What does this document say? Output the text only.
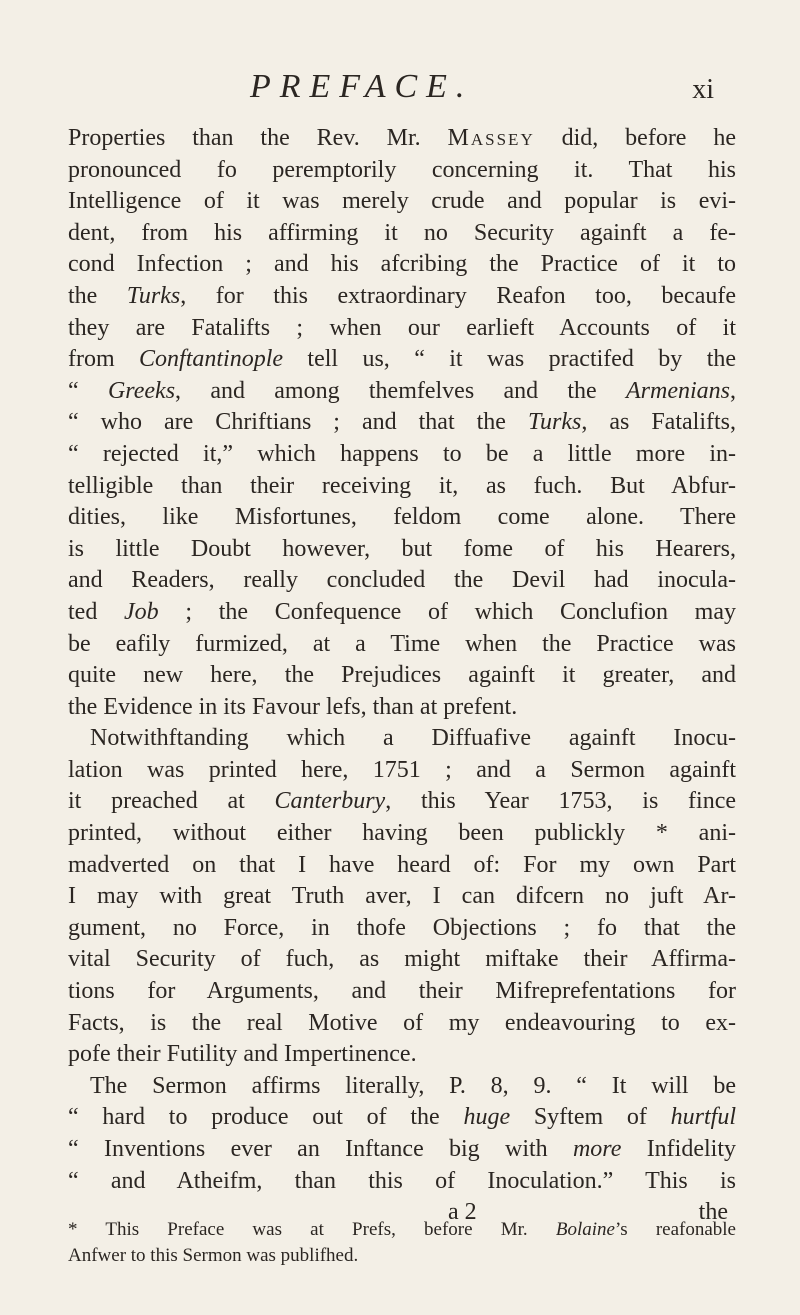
PREFACE.	xi
Properties than the Rev. Mr. Massey did, before he
pronounced fo peremptorily concerning it. That his
Intelligence of it was merely crude and popular is evi-
dent, from his affirming it no Security againft a fe-
cond Infection ; and his afcribing the Practice of it to
the Turks, for this extraordinary Reafon too, becaufe
they are Fatalifts ; when our earlieft Accounts of it
from Conftantinople tell us, “ it was practifed by the
“ Greeks, and among themfelves and the Armenians,
“ who are Chriftians ; and that the Turks, as Fatalifts,
“ rejected it,” which happens to be a little more in-
telligible than their receiving it, as fuch. But Abfur-
dities, like Misfortunes, feldom come alone. There
is little Doubt however, but fome of his Hearers,
and Readers, really concluded the Devil had inocula-
ted Job ; the Confequence of which Conclufion may
be eafily furmized, at a Time when the Practice was
quite new here, the Prejudices againft it greater, and
the Evidence in its Favour lefs, than at prefent.
Notwithftanding which a Diffuafive againft Inocu-
lation was printed here, 1751 ; and a Sermon againft
it preached at Canterbury, this Year 1753, is fince
printed, without either having been publickly * ani-
madverted on that I have heard of: For my own Part
I may with great Truth aver, I can difcern no juft Ar-
gument, no Force, in thofe Objections ; fo that the
vital Security of fuch, as might miftake their Affirma-
tions for Arguments, and their Mifreprefentations for
Facts, is the real Motive of my endeavouring to ex-
pofe their Futility and Impertinence.
The Sermon affirms literally, P. 8, 9. “ It will be
“ hard to produce out of the huge Syftem of hurtful
“ Inventions ever an Inftance big with more Infidelity
“ and Atheifm, than this of Inoculation.” This is
a 2	the
* This Preface was at Prefs, before Mr. Bolaine’s reafonable
Anfwer to this Sermon was publifhed.
